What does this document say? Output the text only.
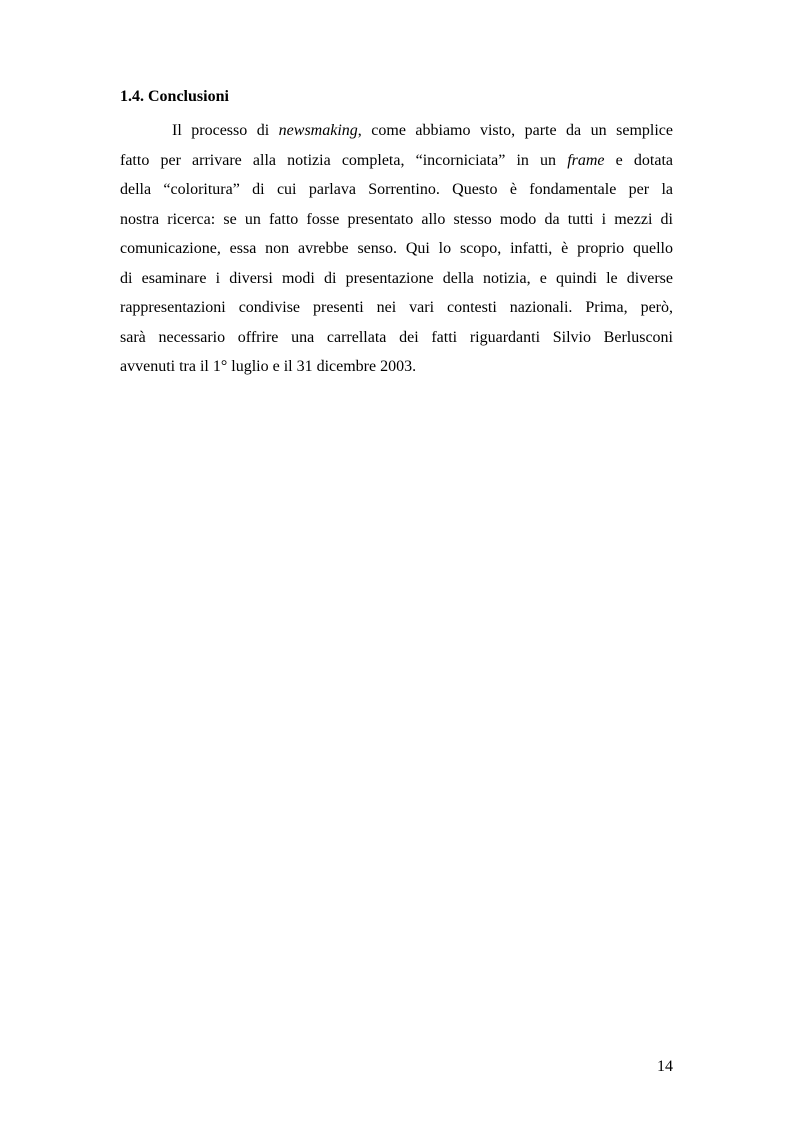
1.4. Conclusioni
Il processo di newsmaking, come abbiamo visto, parte da un semplice
fatto per arrivare alla notizia completa, “incorniciata” in un frame e dotata
della “coloritura” di cui parlava Sorrentino. Questo è fondamentale per la
nostra ricerca: se un fatto fosse presentato allo stesso modo da tutti i mezzi di
comunicazione, essa non avrebbe senso. Qui lo scopo, infatti, è proprio quello
di esaminare i diversi modi di presentazione della notizia, e quindi le diverse
rappresentazioni condivise presenti nei vari contesti nazionali. Prima, però,
sarà necessario offrire una carrellata dei fatti riguardanti Silvio Berlusconi
avvenuti tra il 1° luglio e il 31 dicembre 2003.
14
